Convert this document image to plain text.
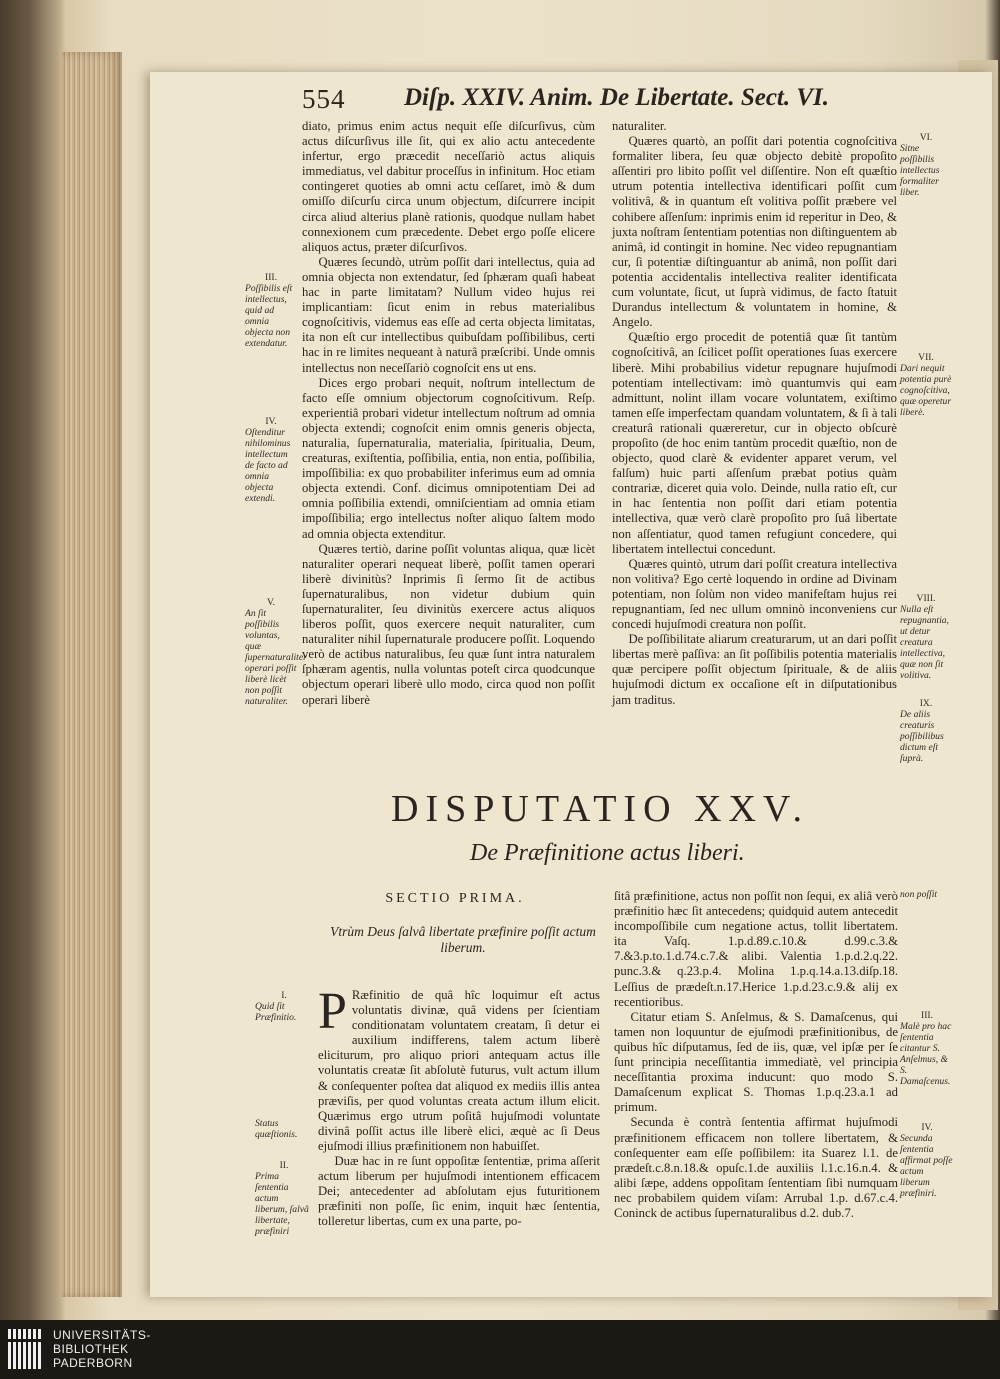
554 Diſp. XXIV. Anim. De Libertate. Sect. VI.

diato, primus enim actus nequit eſſe diſcurſivus, cùm actus diſcurſivus ille ſit, qui ex alio actu antecedente infertur, ergo præcedit neceſſariò actus aliquis immediatus, vel dabitur proceſſus in infinitum. Hoc etiam contingeret quoties ab omni actu ceſſaret, imò & dum omiſſo diſcurſu circa unum objectum, diſcurrere incipit circa aliud alterius planè rationis, quodque nullam habet connexionem cum præcedente. Debet ergo poſſe elicere aliquos actus, præter diſcurſivos.

Quæres ſecundò, utrùm poſſit dari intellectus, quia ad omnia objecta non extendatur, ſed ſphæram quaſi habeat hac in parte limitatam? Nullum video hujus rei implicantiam: ſicut enim in rebus materialibus cognoſcitivis, videmus eas eſſe ad certa objecta limitatas, ita non eſt cur intellectibus quibuſdam poſſibilibus, certi hac in re limites nequeant à naturâ præſcribi. Unde omnis intellectus non neceſſariò cognoſcit ens ut ens.

Dices ergo probari nequit, noſtrum intellectum de facto eſſe omnium objectorum cognoſcitivum. Reſp. experientiâ probari videtur intellectum noſtrum ad omnia objecta extendi; cognoſcit enim omnis generis objecta, naturalia, ſupernaturalia, materialia, ſpiritualia, Deum, creaturas, exiſtentia, poſſibilia, entia, non entia, poſſibilia, impoſſibilia: ex quo probabiliter inferimus eum ad omnia objecta extendi. Conf. dicimus omnipotentiam Dei ad omnia poſſibilia extendi, omniſcientiam ad omnia etiam impoſſibilia; ergo intellectus noſter aliquo ſaltem modo ad omnia objecta extenditur.

Quæres tertiò, darine poſſit voluntas aliqua, quæ licèt naturaliter operari nequeat liberè, poſſit tamen operari liberè divinitùs? Inprimis ſi ſermo ſit de actibus ſupernaturalibus, non videtur dubium quin ſupernaturaliter, ſeu divinitùs exercere actus aliquos liberos poſſit, quos exercere nequit naturaliter, cum naturaliter nihil ſupernaturale producere poſſit. Loquendo verò de actibus naturalibus, ſeu quæ ſunt intra naturalem ſphæram agentis, nulla voluntas poteſt circa quodcunque objectum operari liberè ullo modo, circa quod non poſſit operari liberè

III.
Poſſibilis eſt intellectus, quid ad omnia objecta non extendatur.
IV.
Oſtenditur nihilominus intellectum de facto ad omnia objecta extendi.
V.
An ſit poſſibilis voluntas, quæ ſupernaturaliter operari poſſit liberè licèt non poſſit naturaliter.

naturaliter.

Quæres quartò, an poſſit dari potentia cognoſcitiva formaliter libera, ſeu quæ objecto debitè propoſito aſſentiri pro libito poſſit vel diſſentire. Non eſt quæſtio utrum potentia intellectiva identificari poſſit cum volitivâ, & in quantum eſt volitiva poſſit præbere vel cohibere aſſenſum: inprimis enim id reperitur in Deo, & juxta noſtram ſententiam potentias non diſtinguentem ab animâ, id contingit in homine. Nec video repugnantiam cur, ſi potentiæ diſtinguantur ab animâ, non poſſit dari potentia accidentalis intellectiva realiter identificata cum voluntate, ſicut, ut ſuprà vidimus, de facto ſtatuit Durandus intellectum & voluntatem in homine, & Angelo.

Quæſtio ergo procedit de potentiâ quæ ſit tantùm cognoſcitivâ, an ſcilicet poſſit operationes ſuas exercere liberè. Mihi probabilius videtur repugnare hujuſmodi potentiam intellectivam: imò quantumvis qui eam admittunt, nolint illam vocare voluntatem, exiſtimo tamen eſſe imperfectam quandam voluntatem, & ſi à tali creaturâ rationali quæreretur, cur in objecto obſcurè propoſito (de hoc enim tantùm procedit quæſtio, non de objecto, quod clarè & evidenter apparet verum, vel falſum) huic parti aſſenſum præbat potius quàm contrariæ, diceret quia volo. Deinde, nulla ratio eſt, cur in hac ſententia non poſſit dari etiam potentia intellectiva, quæ verò clarè propoſito pro ſuâ libertate non aſſentiatur, quod tamen refugiunt concedere, qui libertatem intellectui concedunt.

Quæres quintò, utrum dari poſſit creatura intellectiva non volitiva? Ego certè loquendo in ordine ad Divinam potentiam, non ſolùm non video manifeſtam hujus rei repugnantiam, ſed nec ullum omninò inconveniens cur concedi hujuſmodi creatura non poſſit.

De poſſibilitate aliarum creaturarum, ut an dari poſſit libertas merè paſſiva: an ſit poſſibilis potentia materialis quæ percipere poſſit objectum ſpirituale, & de aliis hujuſmodi dictum ex occaſione eſt in diſputationibus jam traditus.

VI.
Sitne poſſibilis intellectus formaliter liber.
VII.
Dari nequit potentia purè cognoſcitiva, quæ operetur liberè.
VIII.
Nulla eſt repugnantia, ut detur creatura intellectiva, quæ non ſit volitiva.
IX.
De aliis creaturis poſſibilibus dictum eſt ſuprà.
DISPUTATIO XXV.
De Præfinitione actus liberi.
SECTIO PRIMA.
Vtrùm Deus ſalvâ libertate præfinire poſſit actum liberum.

P Ræfinitio de quâ hîc loquimur eſt actus voluntatis divinæ, quâ videns per ſcientiam conditionatam voluntatem creatam, ſi detur ei auxilium indifferens, talem actum liberè eliciturum, pro aliquo priori antequam actus ille voluntatis creatæ ſit abſolutè futurus, vult actum illum & conſequenter poſtea dat aliquod ex mediis illis antea præviſis, per quod voluntas creata actum illum elicit. Quærimus ergo utrum poſitâ hujuſmodi voluntate divinâ poſſit actus ille liberè elici, æquè ac ſi Deus ejuſmodi illius præfinitionem non habuiſſet.

Duæ hac in re ſunt oppoſitæ ſententiæ, prima aſſerit actum liberum per hujuſmodi intentionem efficacem Dei; antecedenter ad abſolutam ejus futuritionem præfiniti non poſſe, ſic enim, inquit hæc ſententia, tolleretur libertas, cum ex una parte, po-

I.
Quid ſit Præfinitio.
Status quæſtionis.
II.
Prima ſententia actum liberum, ſalvâ libertate, præfiniri

ſitâ præfinitione, actus non poſſit non ſequi, ex aliâ verò præfinitio hæc ſit antecedens; quidquid autem antecedit incompoſſibile cum negatione actus, tollit libertatem. ita Vaſq. 1.p.d.89.c.10.& d.99.c.3.& 7.&3.p.to.1.d.74.c.7.& alibi. Valentia 1.p.d.2.q.22. punc.3.& q.23.p.4. Molina 1.p.q.14.a.13.diſp.18. Leſſius de prædeſt.n.17.Herice 1.p.d.23.c.9.& alij ex recentioribus.

Citatur etiam S. Anſelmus, & S. Damaſcenus, qui tamen non loquuntur de ejuſmodi præfinitionibus, de quibus hîc diſputamus, ſed de iis, quæ, vel ipſæ per ſe ſunt principia neceſſitantia immediatè, vel principia neceſſitantia proxima inducunt: quo modo S. Damaſcenum explicat S. Thomas 1.p.q.23.a.1 ad primum.

Secunda è contrà ſententia affirmat hujuſmodi præfinitionem efficacem non tollere libertatem, & conſequenter eam eſſe poſſibilem: ita Suarez l.1. de prædeſt.c.8.n.18.& opuſc.1.de auxiliis l.1.c.16.n.4. & alibi ſæpe, addens oppoſitam ſententiam ſibi numquam nec probabilem quidem viſam: Arrubal 1.p. d.67.c.4. Coninck de actibus ſupernaturalibus d.2. dub.7.

non poſſit
III.
Malè pro hac ſententia citantur S. Anſelmus, & S. Damaſcenus.
IV.
Secunda ſententia affirmat poſſe actum liberum præfiniri.
UNIVERSITÄTS-
BIBLIOTHEK
PADERBORN
